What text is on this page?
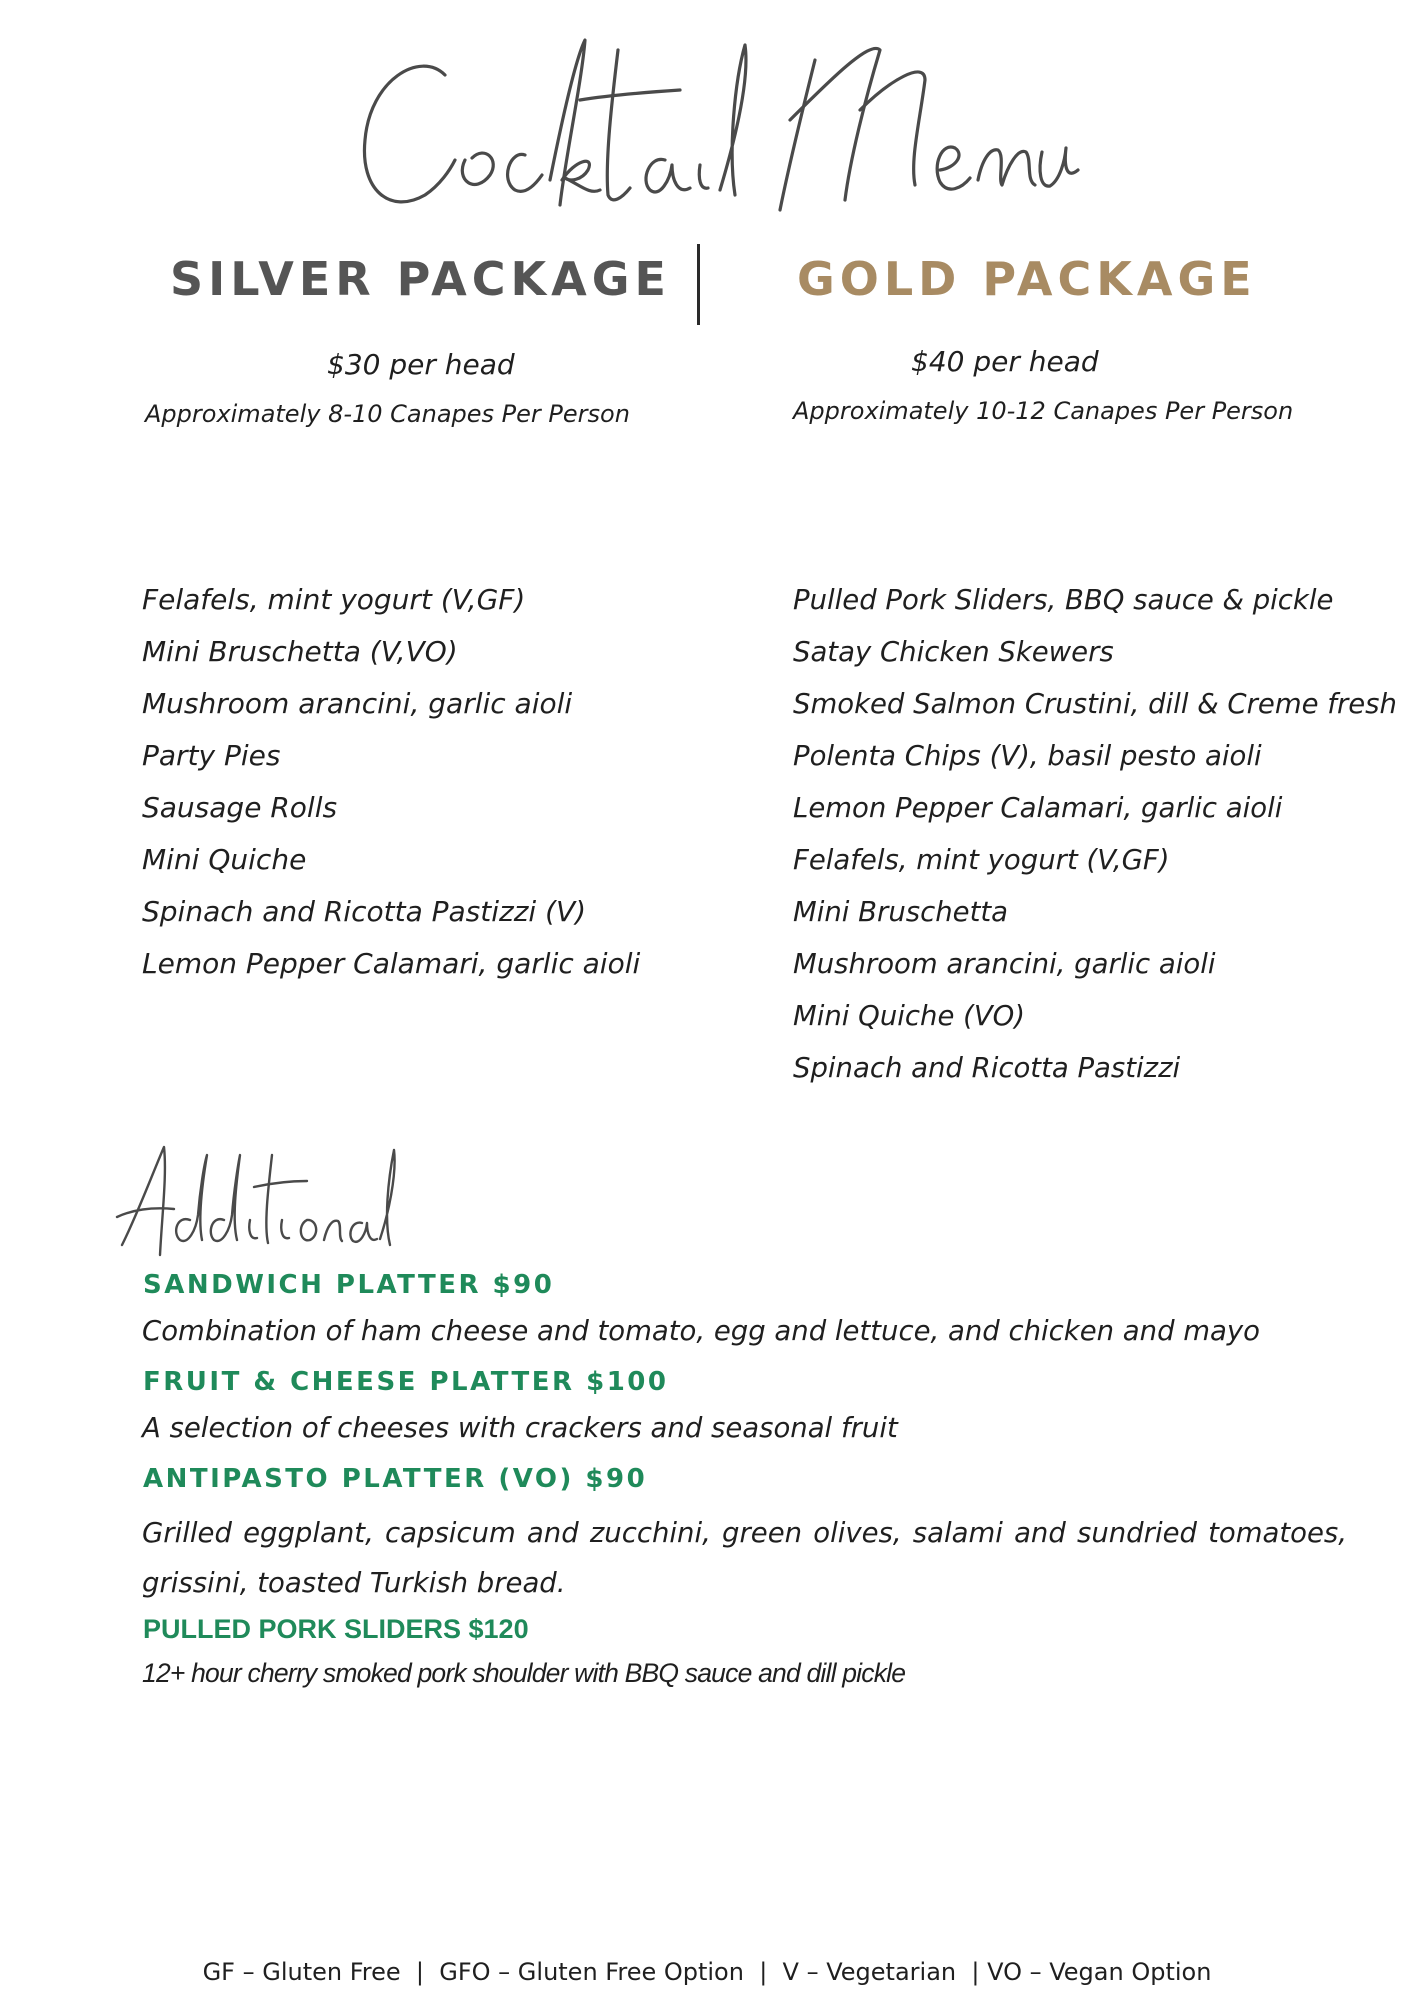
SILVER PACKAGE	GOLD PACKAGE
$30 per head	$40 per head
Approximately 8-10 Canapes Per Person	Approximately 10-12 Canapes Per Person
Felafels, mint yogurt (V,GF)
Mini Bruschetta (V,VO)
Mushroom arancini, garlic aioli
Party Pies
Sausage Rolls
Mini Quiche
Spinach and Ricotta Pastizzi (V)
Lemon Pepper Calamari, garlic aioli
Pulled Pork Sliders, BBQ sauce & pickle
Satay Chicken Skewers
Smoked Salmon Crustini, dill & Creme fresh
Polenta Chips (V), basil pesto aioli
Lemon Pepper Calamari, garlic aioli
Felafels, mint yogurt (V,GF)
Mini Bruschetta
Mushroom arancini, garlic aioli
Mini Quiche (VO)
Spinach and Ricotta Pastizzi
SANDWICH PLATTER $90
Combination of ham cheese and tomato, egg and lettuce, and chicken and mayo
FRUIT & CHEESE PLATTER $100
A selection of cheeses with crackers and seasonal fruit
ANTIPASTO PLATTER (VO) $90
Grilled eggplant, capsicum and zucchini, green olives, salami and sundried tomatoes, grissini, toasted Turkish bread.
PULLED PORK SLIDERS $120
12+ hour cherry smoked pork shoulder with BBQ sauce and dill pickle
GF – Gluten Free  |  GFO – Gluten Free Option  |  V – Vegetarian  | VO – Vegan Option
